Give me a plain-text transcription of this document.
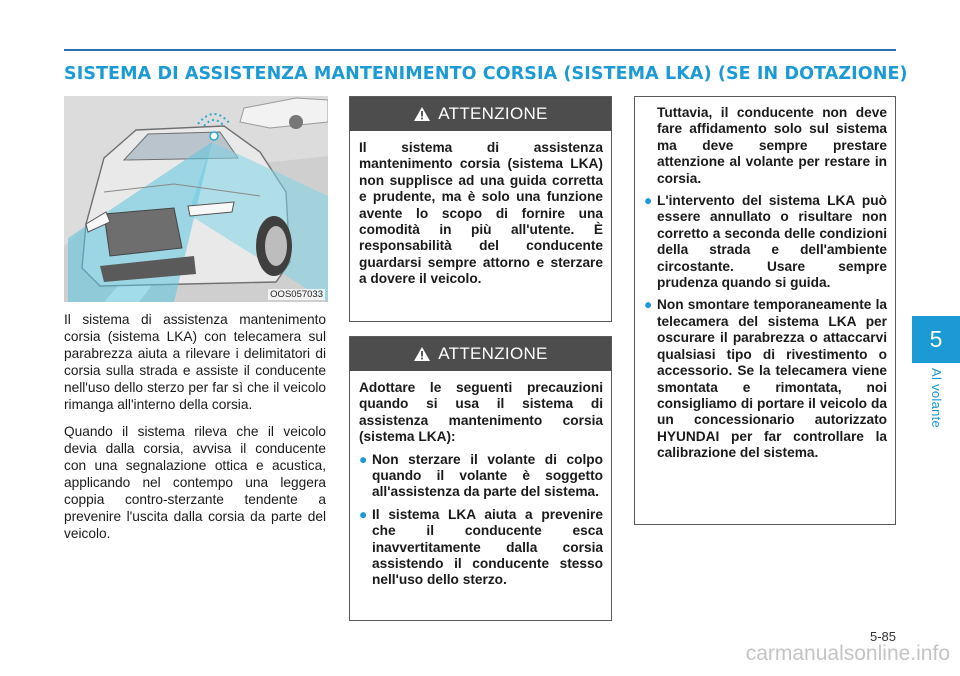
SISTEMA DI ASSISTENZA MANTENIMENTO CORSIA (SISTEMA LKA) (SE IN DOTAZIONE)
OOS057033

Il sistema di assistenza mantenimento corsia (sistema LKA) con telecamera sul parabrezza aiuta a rilevare i delimitatori di corsia sulla strada e assiste il conducente nell'uso dello sterzo per far sì che il veicolo rimanga all'interno della corsia.

Quando il sistema rileva che il veicolo devia dalla corsia, avvisa il conducente con una segnalazione ottica e acustica, applicando nel contempo una leggera coppia contro-sterzante tendente a prevenire l'uscita dalla corsia da parte del veicolo.

ATTENZIONE

Il sistema di assistenza mantenimento corsia (sistema LKA) non supplisce ad una guida corretta e prudente, ma è solo una funzione avente lo scopo di fornire una comodità in più all'utente. È responsabilità del conducente guardarsi sempre attorno e sterzare a dovere il veicolo.

ATTENZIONE

Adottare le seguenti precauzioni quando si usa il sistema di assistenza mantenimento corsia (sistema LKA):

● Non sterzare il volante di colpo quando il volante è soggetto all'assistenza da parte del sistema.
● Il sistema LKA aiuta a prevenire che il conducente esca inavvertitamente dalla corsia assistendo il conducente stesso nell'uso dello sterzo.

Tuttavia, il conducente non deve fare affidamento solo sul sistema ma deve sempre prestare attenzione al volante per restare in corsia.

● L'intervento del sistema LKA può essere annullato o risultare non corretto a seconda delle condizioni della strada e dell'ambiente circostante. Usare sempre prudenza quando si guida.
● Non smontare temporaneamente la telecamera del sistema LKA per oscurare il parabrezza o attaccarvi qualsiasi tipo di rivestimento o accessorio. Se la telecamera viene smontata e rimontata, noi consigliamo di portare il veicolo da un concessionario autorizzato HYUNDAI per far controllare la calibrazione del sistema.
5
Al volante
5-85
carmanualsonline.info
